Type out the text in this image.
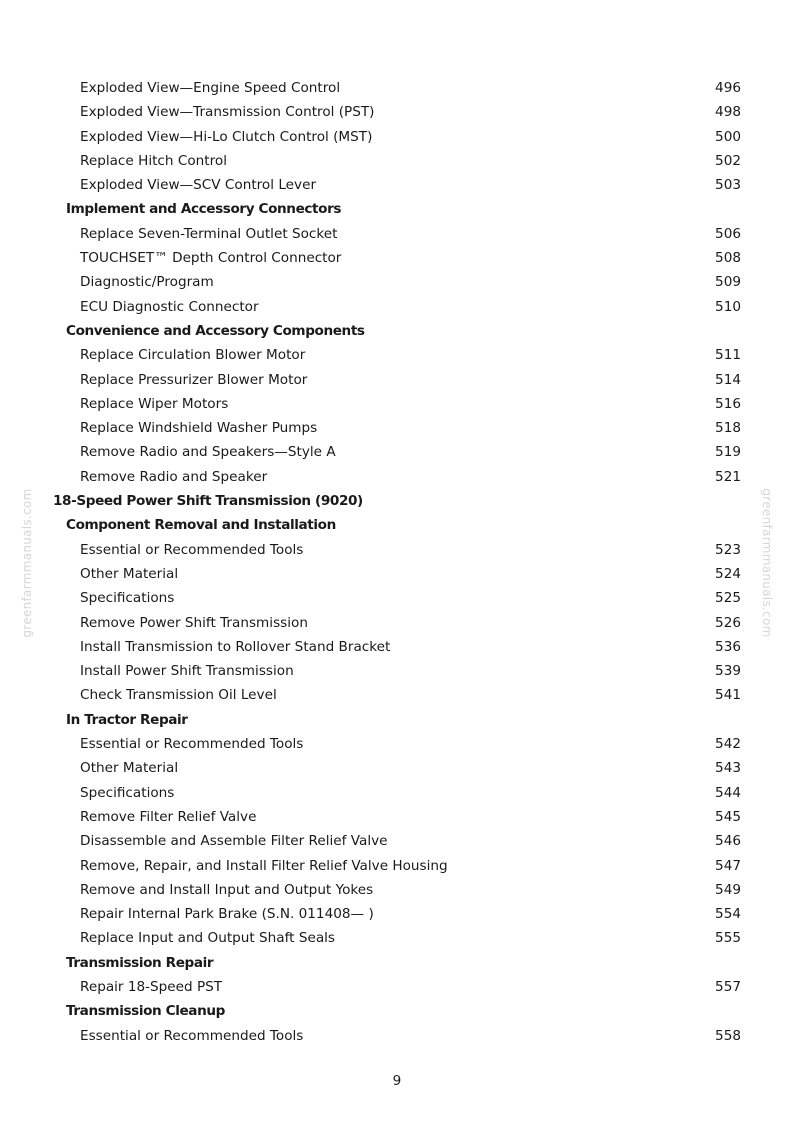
Exploded View—Engine Speed Control	496
Exploded View—Transmission Control (PST)	498
Exploded View—Hi-Lo Clutch Control (MST)	500
Replace Hitch Control	502
Exploded View—SCV Control Lever	503
Implement and Accessory Connectors
Replace Seven-Terminal Outlet Socket	506
TOUCHSET™ Depth Control Connector	508
Diagnostic/Program	509
ECU Diagnostic Connector	510
Convenience and Accessory Components
Replace Circulation Blower Motor	511
Replace Pressurizer Blower Motor	514
Replace Wiper Motors	516
Replace Windshield Washer Pumps	518
Remove Radio and Speakers—Style A	519
Remove Radio and Speaker	521
18-Speed Power Shift Transmission (9020)
Component Removal and Installation
Essential or Recommended Tools	523
Other Material	524
Specifications	525
Remove Power Shift Transmission	526
Install Transmission to Rollover Stand Bracket	536
Install Power Shift Transmission	539
Check Transmission Oil Level	541
In Tractor Repair
Essential or Recommended Tools	542
Other Material	543
Specifications	544
Remove Filter Relief Valve	545
Disassemble and Assemble Filter Relief Valve	546
Remove, Repair, and Install Filter Relief Valve Housing	547
Remove and Install Input and Output Yokes	549
Repair Internal Park Brake (S.N. 011408— )	554
Replace Input and Output Shaft Seals	555
Transmission Repair
Repair 18-Speed PST	557
Transmission Cleanup
Essential or Recommended Tools	558
greenfarmmanuals.com	greenfarmmanuals.com
9
